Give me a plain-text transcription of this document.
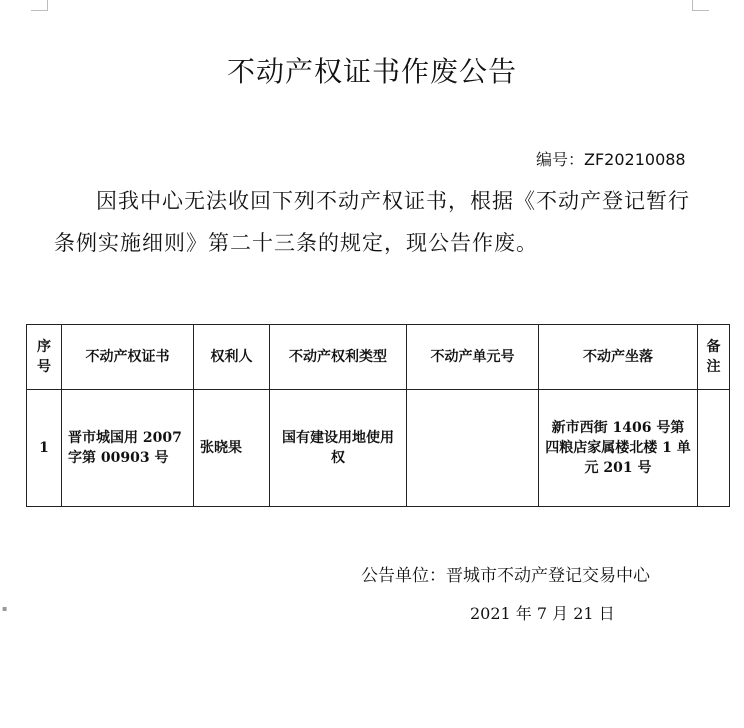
▪
不动产权证书作废公告
编号：ZF20210088
因我中心无法收回下列不动产权证书，根据《不动产登记暂行条例实施细则》第二十三条的规定，现公告作废。
序号	不动产权证书	权利人	不动产权利类型	不动产单元号	不动产坐落	备注
1	晋市城国用 2007 字第 00903 号	张晓果	国有建设用地使用权		新市西街 1406 号第四粮店家属楼北楼 1 单元 201 号	
公告单位：晋城市不动产登记交易中心
2021 年 7 月 21 日
